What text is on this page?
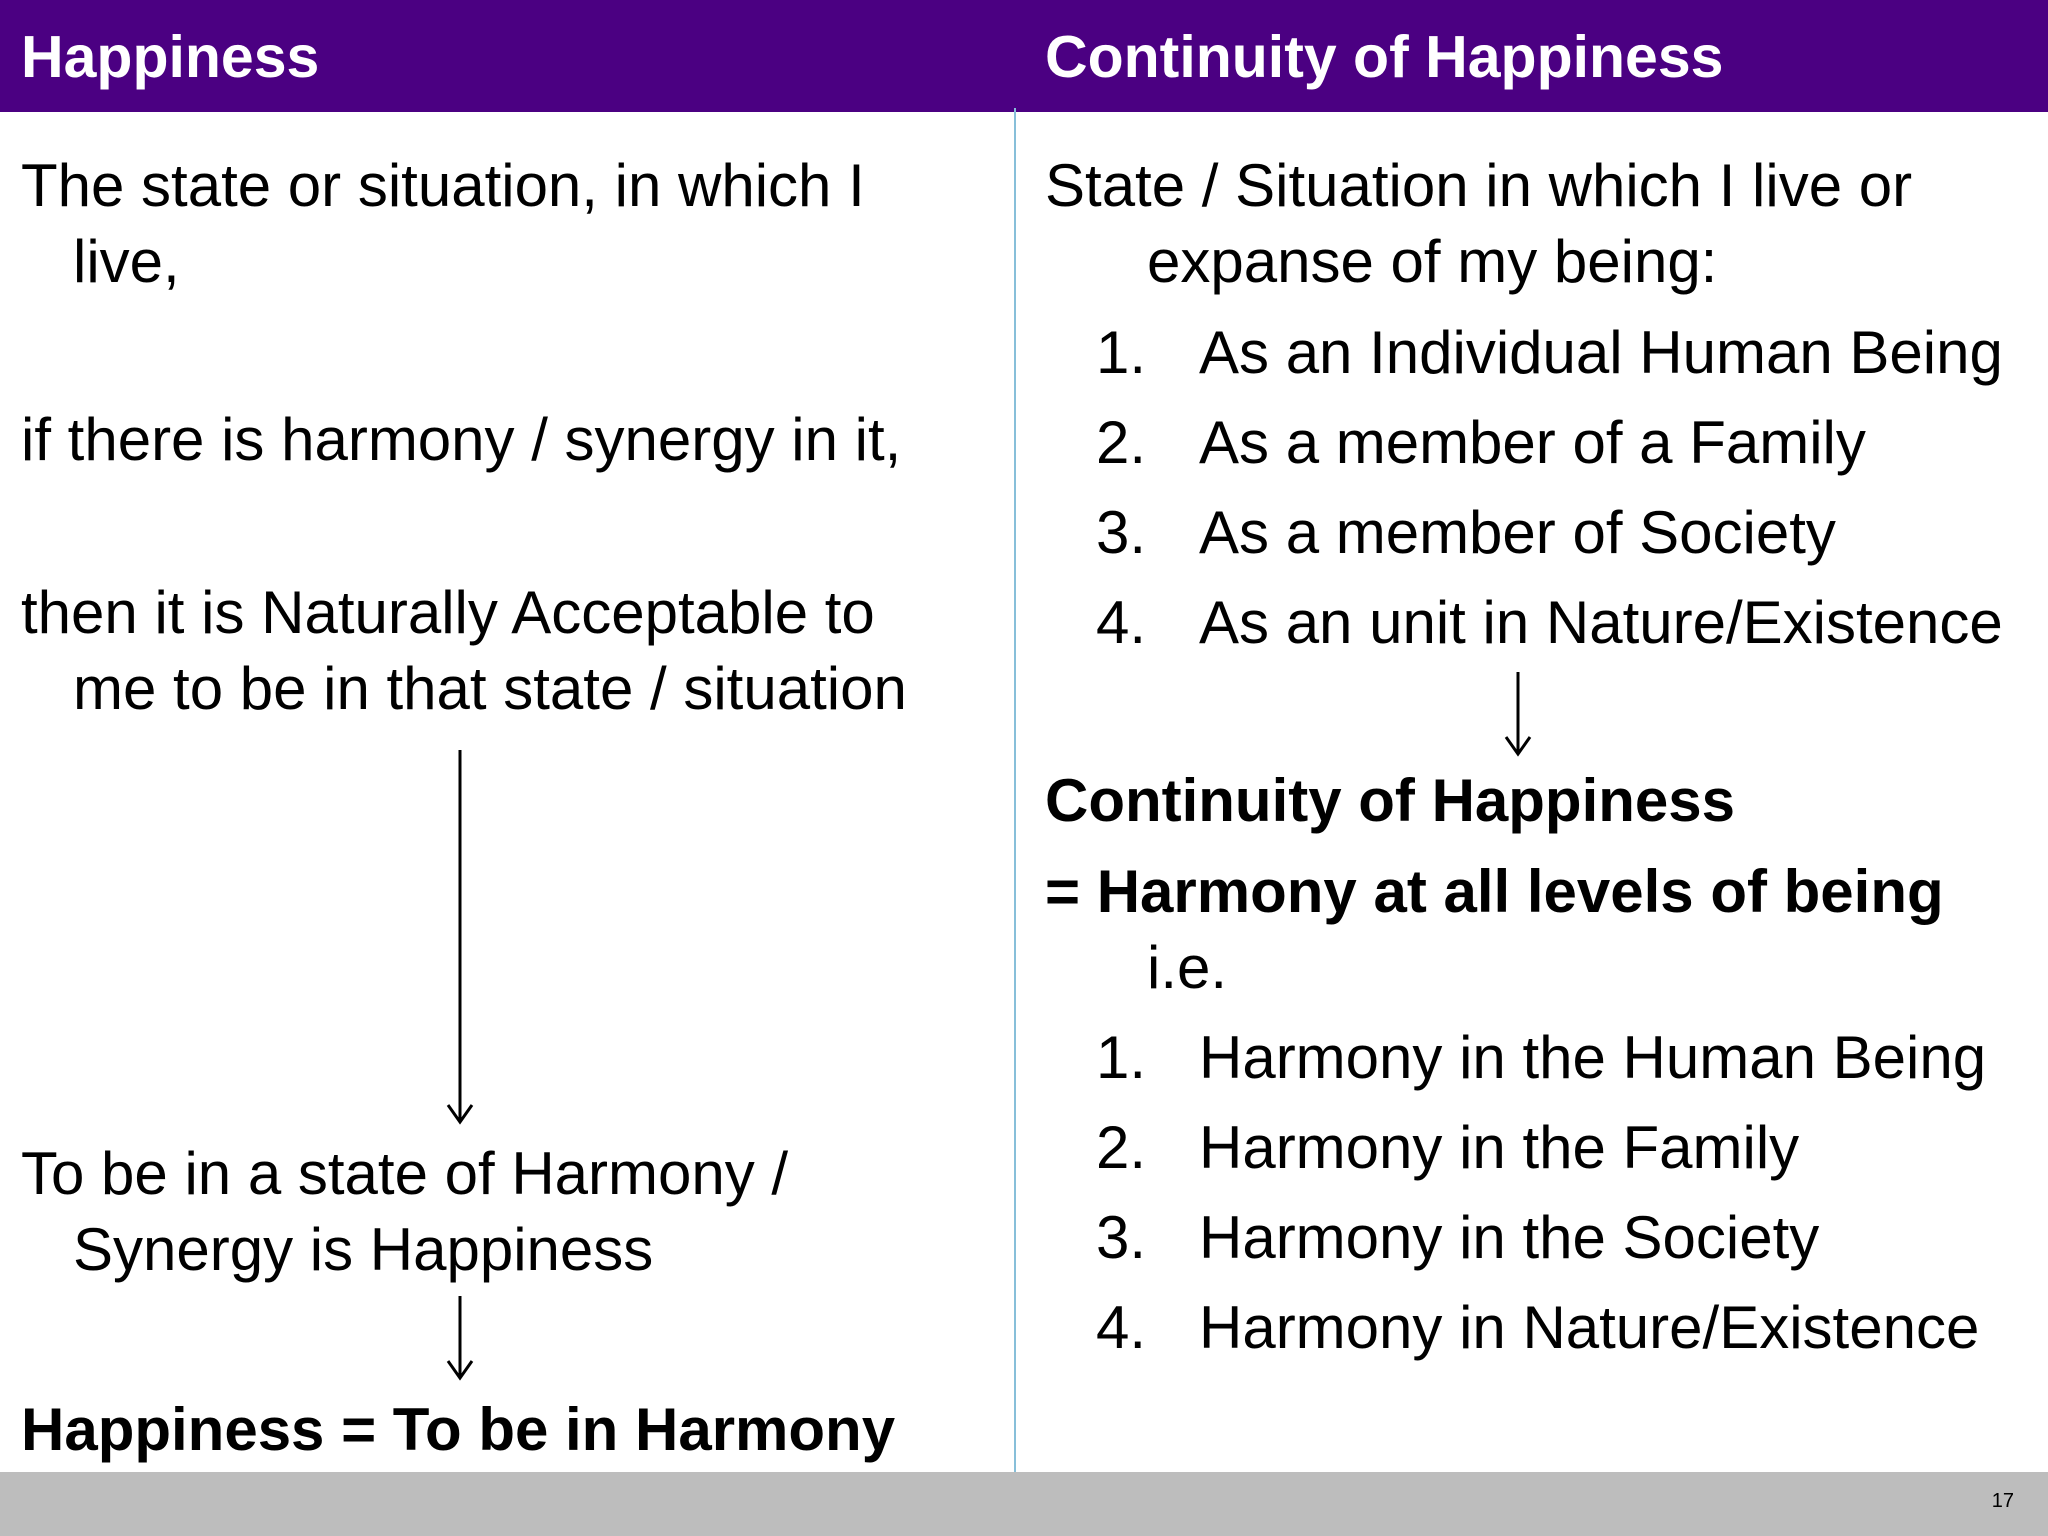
Happiness	Continuity of Happiness
The state or situation, in which I
live,
if there is harmony / synergy in it,
then it is Naturally Acceptable to
me to be in that state / situation
To be in a state of Harmony /
Synergy is Happiness
Happiness = To be in Harmony
State / Situation in which I live or
expanse of my being:
1. As an Individual Human Being
2. As a member of a Family
3. As a member of Society
4. As an unit in Nature/Existence
Continuity of Happiness
= Harmony at all levels of being
i.e.
1. Harmony in the Human Being
2. Harmony in the Family
3. Harmony in the Society
4. Harmony in Nature/Existence
17
